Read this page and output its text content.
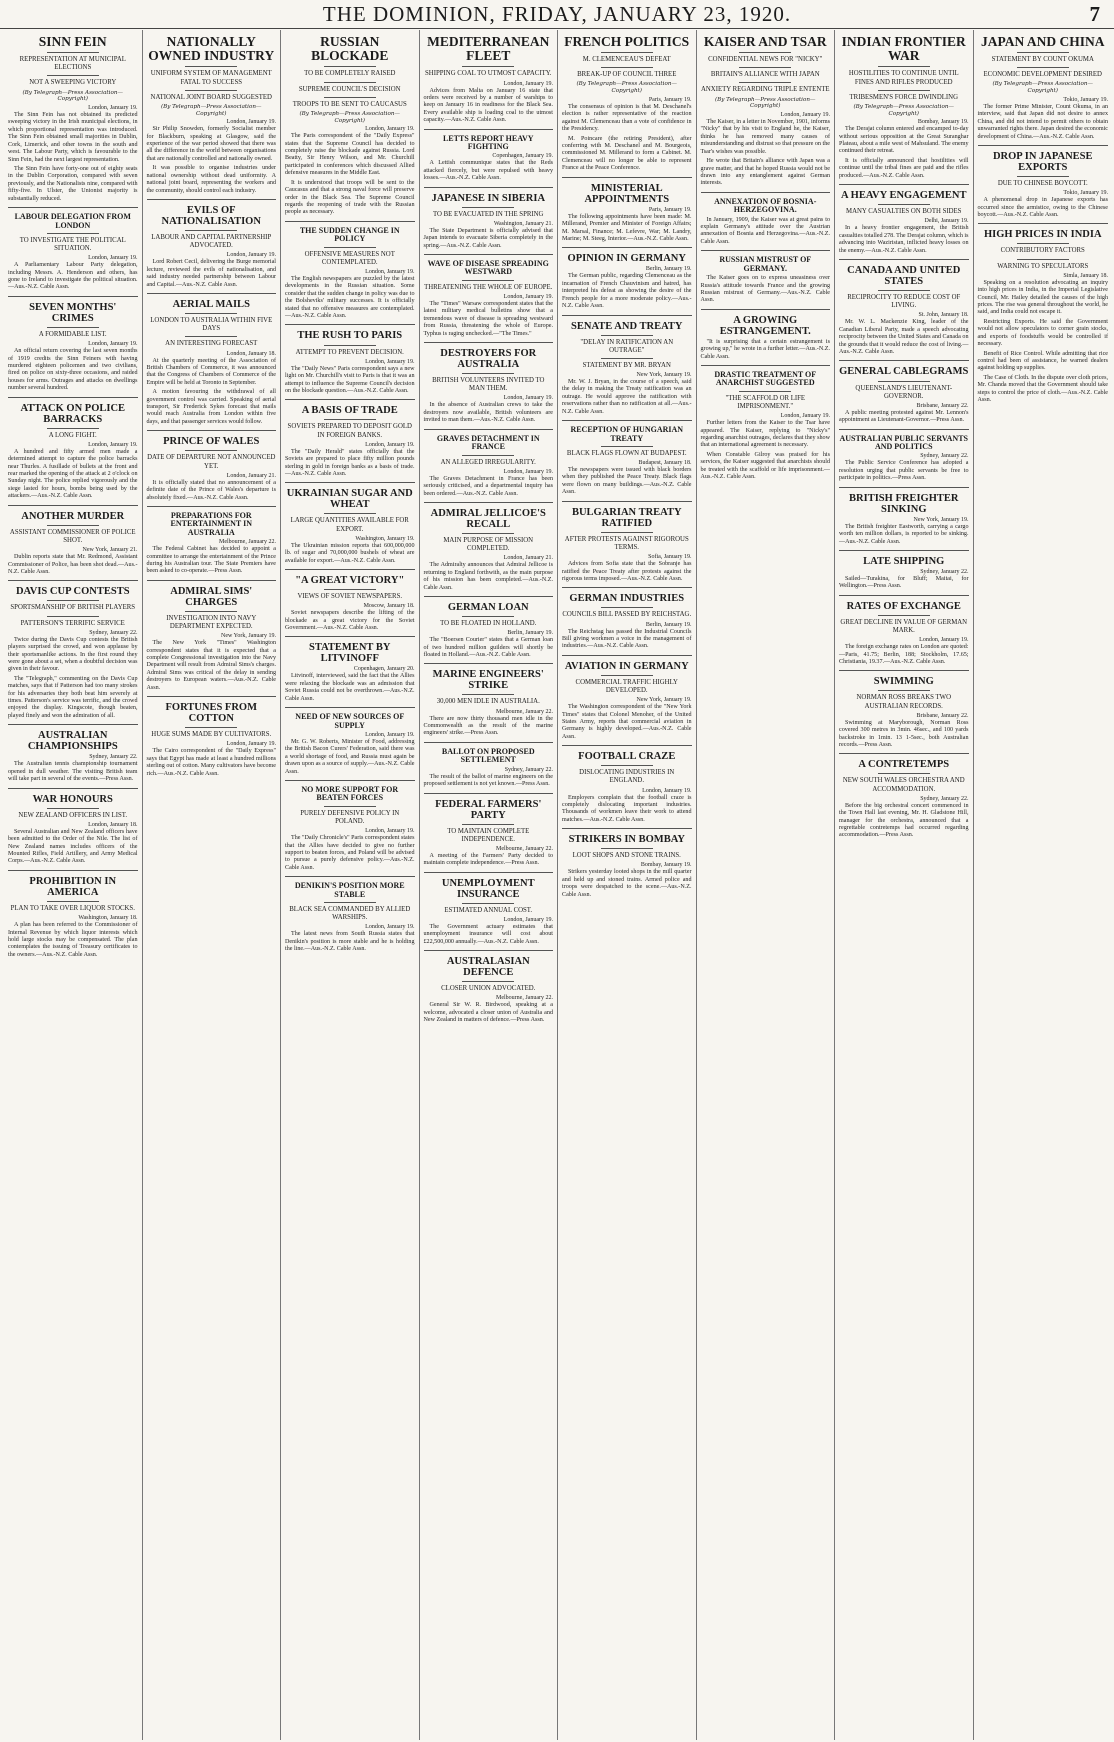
THE DOMINION, FRIDAY, JANUARY 23, 1920.	7
SINN FEIN
REPRESENTATION AT MUNICIPAL ELECTIONS
NOT A SWEEPING VICTORY
(By Telegraph—Press Association—Copyright)
London, January 19.

The Sinn Fein has not obtained its predicted sweeping victory in the Irish municipal elections, in which proportional representation was introduced. The Sinn Fein obtained small majorities in Dublin, Cork, Limerick, and other towns in the south and west. The Labour Party, which is favourable to the Sinn Fein, had the next largest representation.

The Sinn Fein have forty-one out of eighty seats in the Dublin Corporation, compared with seven previously, and the Nationalists nine, compared with fifty-five. In Ulster, the Unionist majority is substantially reduced.

LABOUR DELEGATION FROM LONDON
TO INVESTIGATE THE POLITICAL SITUATION.
London, January 19.

A Parliamentary Labour Party delegation, including Messrs. A. Henderson and others, has gone to Ireland to investigate the political situation.—Aus.-N.Z. Cable Assn.

SEVEN MONTHS' CRIMES
A FORMIDABLE LIST.
London, January 19.

An official return covering the last seven months of 1919 credits the Sinn Feiners with having murdered eighteen policemen and two civilians, fired on police on sixty-three occasions, and raided houses for arms. Outrages and attacks on dwellings number several hundred.

ATTACK ON POLICE BARRACKS
A LONG FIGHT.
London, January 19.

A hundred and fifty armed men made a determined attempt to capture the police barracks near Thurles. A fusillade of bullets at the front and rear marked the opening of the attack at 2 o'clock on Sunday night. The police replied vigorously and the siege lasted for hours, bombs being used by the attackers.—Aus.-N.Z. Cable Assn.

ANOTHER MURDER
ASSISTANT COMMISSIONER OF POLICE SHOT.
New York, January 21.

Dublin reports state that Mr. Redmond, Assistant Commissioner of Police, has been shot dead.—Aus.-N.Z. Cable Assn.

DAVIS CUP CONTESTS
SPORTSMANSHIP OF BRITISH PLAYERS
PATTERSON'S TERRIFIC SERVICE
Sydney, January 22.

Twice during the Davis Cup contests the British players surprised the crowd, and won applause by their sportsmanlike actions. In the first round they were gone about a set, when a doubtful decision was given in their favour.

The "Telegraph," commenting on the Davis Cup matches, says that if Patterson had too many strokes for his adversaries they both beat him severely at times. Patterson's service was terrific, and the crowd enjoyed the display. Kingscote, though beaten, played finely and won the admiration of all.

AUSTRALIAN CHAMPIONSHIPS
Sydney, January 22.

The Australian tennis championship tournament opened in dull weather. The visiting British team will take part in several of the events.—Press Assn.

WAR HONOURS
NEW ZEALAND OFFICERS IN LIST.
London, January 18.

Several Australian and New Zealand officers have been admitted to the Order of the Nile. The list of New Zealand names includes officers of the Mounted Rifles, Field Artillery, and Army Medical Corps.—Aus.-N.Z. Cable Assn.

PROHIBITION IN AMERICA
PLAN TO TAKE OVER LIQUOR STOCKS.
Washington, January 18.

A plan has been referred to the Commissioner of Internal Revenue by which liquor interests which hold large stocks may be compensated. The plan contemplates the issuing of Treasury certificates to the owners.—Aus.-N.Z. Cable Assn.

NATIONALLY OWNED INDUSTRY
UNIFORM SYSTEM OF MANAGEMENT FATAL TO SUCCESS
NATIONAL JOINT BOARD SUGGESTED
(By Telegraph—Press Association—Copyright)
London, January 19.

Sir Philip Snowden, formerly Socialist member for Blackburn, speaking at Glasgow, said the experience of the war period showed that there was all the difference in the world between organisations that are nationally controlled and nationally owned.

It was possible to organise industries under national ownership without dead uniformity. A national joint board, representing the workers and the community, should control each industry.

EVILS OF NATIONALISATION
LABOUR AND CAPITAL PARTNERSHIP ADVOCATED.
London, January 19.

Lord Robert Cecil, delivering the Burge memorial lecture, reviewed the evils of nationalisation, and said industry needed partnership between Labour and Capital.—Aus.-N.Z. Cable Assn.

AERIAL MAILS
LONDON TO AUSTRALIA WITHIN FIVE DAYS
AN INTERESTING FORECAST
London, January 18.

At the quarterly meeting of the Association of British Chambers of Commerce, it was announced that the Congress of Chambers of Commerce of the Empire will be held at Toronto in September.

A motion favouring the withdrawal of all government control was carried. Speaking of aerial transport, Sir Frederick Sykes forecast that mails would reach Australia from London within five days, and that passenger services would follow.

PRINCE OF WALES
DATE OF DEPARTURE NOT ANNOUNCED YET.
London, January 21.

It is officially stated that no announcement of a definite date of the Prince of Wales's departure is absolutely fixed.—Aus.-N.Z. Cable Assn.

PREPARATIONS FOR ENTERTAINMENT IN AUSTRALIA
Melbourne, January 22.

The Federal Cabinet has decided to appoint a committee to arrange the entertainment of the Prince during his Australian tour. The State Premiers have been asked to co-operate.—Press Assn.

ADMIRAL SIMS' CHARGES
INVESTIGATION INTO NAVY DEPARTMENT EXPECTED.
New York, January 19.

The New York "Times" Washington correspondent states that it is expected that a complete Congressional investigation into the Navy Department will result from Admiral Sims's charges. Admiral Sims was critical of the delay in sending destroyers to European waters.—Aus.-N.Z. Cable Assn.

FORTUNES FROM COTTON
HUGE SUMS MADE BY CULTIVATORS.
London, January 19.

The Cairo correspondent of the "Daily Express" says that Egypt has made at least a hundred millions sterling out of cotton. Many cultivators have become rich.—Aus.-N.Z. Cable Assn.

RUSSIAN BLOCKADE
TO BE COMPLETELY RAISED
SUPREME COUNCIL'S DECISION
TROOPS TO BE SENT TO CAUCASUS
(By Telegraph—Press Association—Copyright)
London, January 19.

The Paris correspondent of the "Daily Express" states that the Supreme Council has decided to completely raise the blockade against Russia. Lord Beatty, Sir Henry Wilson, and Mr. Churchill participated in conferences which discussed Allied defensive measures in the Middle East.

It is understood that troops will be sent to the Caucasus and that a strong naval force will preserve order in the Black Sea. The Supreme Council regards the reopening of trade with the Russian people as necessary.

THE SUDDEN CHANGE IN POLICY
OFFENSIVE MEASURES NOT CONTEMPLATED.
London, January 19.

The English newspapers are puzzled by the latest developments in the Russian situation. Some consider that the sudden change in policy was due to the Bolsheviks' military successes. It is officially stated that no offensive measures are contemplated.—Aus.-N.Z. Cable Assn.

THE RUSH TO PARIS
ATTEMPT TO PREVENT DECISION.
London, January 19.

The "Daily News" Paris correspondent says a new light on Mr. Churchill's visit to Paris is that it was an attempt to influence the Supreme Council's decision on the blockade question.—Aus.-N.Z. Cable Assn.

A BASIS OF TRADE
SOVIETS PREPARED TO DEPOSIT GOLD IN FOREIGN BANKS.
London, January 19.

The "Daily Herald" states officially that the Soviets are prepared to place fifty million pounds sterling in gold in foreign banks as a basis of trade.—Aus.-N.Z. Cable Assn.

UKRAINIAN SUGAR AND WHEAT
LARGE QUANTITIES AVAILABLE FOR EXPORT.
Washington, January 19.

The Ukrainian mission reports that 600,000,000 lb. of sugar and 70,000,000 bushels of wheat are available for export.—Aus.-N.Z. Cable Assn.

"A GREAT VICTORY"
VIEWS OF SOVIET NEWSPAPERS.
Moscow, January 18.

Soviet newspapers describe the lifting of the blockade as a great victory for the Soviet Government.—Aus.-N.Z. Cable Assn.

STATEMENT BY LITVINOFF
Copenhagen, January 20.

Litvinoff, interviewed, said the fact that the Allies were relaxing the blockade was an admission that Soviet Russia could not be overthrown.—Aus.-N.Z. Cable Assn.

NEED OF NEW SOURCES OF SUPPLY
London, January 19.

Mr. G. W. Roberts, Minister of Food, addressing the British Bacon Curers' Federation, said there was a world shortage of food, and Russia must again be drawn upon as a source of supply.—Aus.-N.Z. Cable Assn.

NO MORE SUPPORT FOR BEATEN FORCES
PURELY DEFENSIVE POLICY IN POLAND.
London, January 19.

The "Daily Chronicle's" Paris correspondent states that the Allies have decided to give no further support to beaten forces, and Poland will be advised to pursue a purely defensive policy.—Aus.-N.Z. Cable Assn.

DENIKIN'S POSITION MORE STABLE
BLACK SEA COMMANDED BY ALLIED WARSHIPS.
London, January 19.

The latest news from South Russia states that Denikin's position is more stable and he is holding the line.—Aus.-N.Z. Cable Assn.

MEDITERRANEAN FLEET
SHIPPING COAL TO UTMOST CAPACITY.
London, January 19.

Advices from Malta on January 16 state that orders were received by a number of warships to keep on January 16 in readiness for the Black Sea. Every available ship is loading coal to the utmost capacity.—Aus.-N.Z. Cable Assn.

LETTS REPORT HEAVY FIGHTING
Copenhagen, January 19.

A Lettish communique states that the Reds attacked fiercely, but were repulsed with heavy losses.—Aus.-N.Z. Cable Assn.

JAPANESE IN SIBERIA
TO BE EVACUATED IN THE SPRING
Washington, January 21.

The State Department is officially advised that Japan intends to evacuate Siberia completely in the spring.—Aus.-N.Z. Cable Assn.

WAVE OF DISEASE SPREADING WESTWARD
THREATENING THE WHOLE OF EUROPE.
London, January 19.

The "Times" Warsaw correspondent states that the latest military medical bulletins show that a tremendous wave of disease is spreading westward from Russia, threatening the whole of Europe. Typhus is raging unchecked.—"The Times."

DESTROYERS FOR AUSTRALIA
BRITISH VOLUNTEERS INVITED TO MAN THEM.
London, January 19.

In the absence of Australian crews to take the destroyers now available, British volunteers are invited to man them.—Aus.-N.Z. Cable Assn.

GRAVES DETACHMENT IN FRANCE
AN ALLEGED IRREGULARITY.
London, January 19.

The Graves Detachment in France has been seriously criticised, and a departmental inquiry has been ordered.—Aus.-N.Z. Cable Assn.

ADMIRAL JELLICOE'S RECALL
MAIN PURPOSE OF MISSION COMPLETED.
London, January 21.

The Admiralty announces that Admiral Jellicoe is returning to England forthwith, as the main purpose of his mission has been completed.—Aus.-N.Z. Cable Assn.

GERMAN LOAN
TO BE FLOATED IN HOLLAND.
Berlin, January 19.

The "Boersen Courier" states that a German loan of two hundred million guilders will shortly be floated in Holland.—Aus.-N.Z. Cable Assn.

MARINE ENGINEERS' STRIKE
30,000 MEN IDLE IN AUSTRALIA.
Melbourne, January 22.

There are now thirty thousand men idle in the Commonwealth as the result of the marine engineers' strike.—Press Assn.

BALLOT ON PROPOSED SETTLEMENT
Sydney, January 22.

The result of the ballot of marine engineers on the proposed settlement is not yet known.—Press Assn.

FEDERAL FARMERS' PARTY
TO MAINTAIN COMPLETE INDEPENDENCE.
Melbourne, January 22.

A meeting of the Farmers' Party decided to maintain complete independence.—Press Assn.

UNEMPLOYMENT INSURANCE
ESTIMATED ANNUAL COST.
London, January 19.

The Government actuary estimates that unemployment insurance will cost about £22,500,000 annually.—Aus.-N.Z. Cable Assn.

AUSTRALASIAN DEFENCE
CLOSER UNION ADVOCATED.
Melbourne, January 22.

General Sir W. R. Birdwood, speaking at a welcome, advocated a closer union of Australia and New Zealand in matters of defence.—Press Assn.

FRENCH POLITICS
M. CLEMENCEAU'S DEFEAT
BREAK-UP OF COUNCIL THREE
(By Telegraph—Press Association—Copyright)
Paris, January 19.

The consensus of opinion is that M. Deschanel's election is rather representative of the reaction against M. Clemenceau than a vote of confidence in the Presidency.

M. Poincare (the retiring President), after conferring with M. Deschanel and M. Bourgeois, commissioned M. Millerand to form a Cabinet. M. Clemenceau will no longer be able to represent France at the Peace Conference.

MINISTERIAL APPOINTMENTS
Paris, January 19.

The following appointments have been made: M. Millerand, Premier and Minister of Foreign Affairs; M. Marsal, Finance; M. Lefevre, War; M. Landry, Marine; M. Steeg, Interior.—Aus.-N.Z. Cable Assn.

OPINION IN GERMANY
Berlin, January 19.

The German public, regarding Clemenceau as the incarnation of French Chauvinism and hatred, has interpreted his defeat as showing the desire of the French people for a more moderate policy.—Aus.-N.Z. Cable Assn.

SENATE AND TREATY
"DELAY IN RATIFICATION AN OUTRAGE"
STATEMENT BY MR. BRYAN
New York, January 19.

Mr. W. J. Bryan, in the course of a speech, said the delay in making the Treaty ratification was an outrage. He would approve the ratification with reservations rather than no ratification at all.—Aus.-N.Z. Cable Assn.

RECEPTION OF HUNGARIAN TREATY
BLACK FLAGS FLOWN AT BUDAPEST.
Budapest, January 18.

The newspapers were issued with black borders when they published the Peace Treaty. Black flags were flown on many buildings.—Aus.-N.Z. Cable Assn.

BULGARIAN TREATY RATIFIED
AFTER PROTESTS AGAINST RIGOROUS TERMS.
Sofia, January 19.

Advices from Sofia state that the Sobranje has ratified the Peace Treaty after protests against the rigorous terms imposed.—Aus.-N.Z. Cable Assn.

GERMAN INDUSTRIES
COUNCILS BILL PASSED BY REICHSTAG.
Berlin, January 19.

The Reichstag has passed the Industrial Councils Bill giving workmen a voice in the management of industries.—Aus.-N.Z. Cable Assn.

AVIATION IN GERMANY
COMMERCIAL TRAFFIC HIGHLY DEVELOPED.
New York, January 19.

The Washington correspondent of the "New York Times" states that Colonel Menoher, of the United States Army, reports that commercial aviation in Germany is highly developed.—Aus.-N.Z. Cable Assn.

FOOTBALL CRAZE
DISLOCATING INDUSTRIES IN ENGLAND.
London, January 19.

Employers complain that the football craze is completely dislocating important industries. Thousands of workmen leave their work to attend matches.—Aus.-N.Z. Cable Assn.

STRIKERS IN BOMBAY
LOOT SHOPS AND STONE TRAINS.
Bombay, January 19.

Strikers yesterday looted shops in the mill quarter and held up and stoned trains. Armed police and troops were despatched to the scene.—Aus.-N.Z. Cable Assn.

KAISER AND TSAR
CONFIDENTIAL NEWS FOR "NICKY"
BRITAIN'S ALLIANCE WITH JAPAN
ANXIETY REGARDING TRIPLE ENTENTE
(By Telegraph—Press Association—Copyright)
London, January 19.

The Kaiser, in a letter in November, 1901, informs "Nicky" that by his visit to England he, the Kaiser, thinks he has removed many causes of misunderstanding and distrust so that pressure on the Tsar's wishes was possible.

He wrote that Britain's alliance with Japan was a grave matter, and that he hoped Russia would not be drawn into any entanglement against German interests.

ANNEXATION OF BOSNIA-HERZEGOVINA.

In January, 1909, the Kaiser was at great pains to explain Germany's attitude over the Austrian annexation of Bosnia and Herzegovina.—Aus.-N.Z. Cable Assn.

RUSSIAN MISTRUST OF GERMANY.

The Kaiser goes on to express uneasiness over Russia's attitude towards France and the growing Russian mistrust of Germany.—Aus.-N.Z. Cable Assn.

A GROWING ESTRANGEMENT.

"It is surprising that a certain estrangement is growing up," he wrote in a further letter.—Aus.-N.Z. Cable Assn.

DRASTIC TREATMENT OF ANARCHIST SUGGESTED
"THE SCAFFOLD OR LIFE IMPRISONMENT."
London, January 19.

Further letters from the Kaiser to the Tsar have appeared. The Kaiser, replying to "Nicky's" regarding anarchist outrages, declares that they show that an international agreement is necessary.

When Constable Gilroy was praised for his services, the Kaiser suggested that anarchists should be treated with the scaffold or life imprisonment.—Aus.-N.Z. Cable Assn.

INDIAN FRONTIER WAR
HOSTILITIES TO CONTINUE UNTIL FINES AND RIFLES PRODUCED
TRIBESMEN'S FORCE DWINDLING
(By Telegraph—Press Association—Copyright)
Bombay, January 19.

The Derajat column entered and encamped to-day without serious opposition at the Great Suranghar Plateau, about a mile west of Mahsuland. The enemy continued their retreat.

It is officially announced that hostilities will continue until the tribal fines are paid and the rifles produced.—Aus.-N.Z. Cable Assn.

A HEAVY ENGAGEMENT
MANY CASUALTIES ON BOTH SIDES
Delhi, January 19.

In a heavy frontier engagement, the British casualties totalled 278. The Derajat column, which is advancing into Waziristan, inflicted heavy losses on the enemy.—Aus.-N.Z. Cable Assn.

CANADA AND UNITED STATES
RECIPROCITY TO REDUCE COST OF LIVING.
St. John, January 18.

Mr. W. L. Mackenzie King, leader of the Canadian Liberal Party, made a speech advocating reciprocity between the United States and Canada on the grounds that it would reduce the cost of living.—Aus.-N.Z. Cable Assn.

GENERAL CABLEGRAMS
QUEENSLAND'S LIEUTENANT-GOVERNOR.
Brisbane, January 22.

A public meeting protested against Mr. Lennon's appointment as Lieutenant-Governor.—Press Assn.

AUSTRALIAN PUBLIC SERVANTS AND POLITICS
Sydney, January 22.

The Public Service Conference has adopted a resolution urging that public servants be free to participate in politics.—Press Assn.

BRITISH FREIGHTER SINKING
New York, January 19.

The British freighter Eastworth, carrying a cargo worth ten million dollars, is reported to be sinking.—Aus.-N.Z. Cable Assn.

LATE SHIPPING
Sydney, January 22.

Sailed—Turakina, for Bluff; Maitai, for Wellington.—Press Assn.

RATES OF EXCHANGE
GREAT DECLINE IN VALUE OF GERMAN MARK.
London, January 19.

The foreign exchange rates on London are quoted:—Paris, 41.75; Berlin, 188; Stockholm, 17.65; Christiania, 19.37.—Aus.-N.Z. Cable Assn.

SWIMMING
NORMAN ROSS BREAKS TWO AUSTRALIAN RECORDS.
Brisbane, January 22.

Swimming at Maryborough, Norman Ross covered 300 metres in 3min. 46sec., and 100 yards backstroke in 1min. 13 1-5sec., both Australian records.—Press Assn.

A CONTRETEMPS
NEW SOUTH WALES ORCHESTRA AND ACCOMMODATION.
Sydney, January 22.

Before the big orchestral concert commenced in the Town Hall last evening, Mr. H. Gladstone Hill, manager for the orchestra, announced that a regrettable contretemps had occurred regarding accommodation.—Press Assn.

JAPAN AND CHINA
STATEMENT BY COUNT OKUMA
ECONOMIC DEVELOPMENT DESIRED
(By Telegraph—Press Association—Copyright)
Tokio, January 19.

The former Prime Minister, Count Okuma, in an interview, said that Japan did not desire to annex China, and did not intend to permit others to obtain unwarranted rights there. Japan desired the economic development of China.—Aus.-N.Z. Cable Assn.

DROP IN JAPANESE EXPORTS
DUE TO CHINESE BOYCOTT.
Tokio, January 19.

A phenomenal drop in Japanese exports has occurred since the armistice, owing to the Chinese boycott.—Aus.-N.Z. Cable Assn.

HIGH PRICES IN INDIA
CONTRIBUTORY FACTORS
WARNING TO SPECULATORS
Simla, January 18.

Speaking on a resolution advocating an inquiry into high prices in India, in the Imperial Legislative Council, Mr. Hailey detailed the causes of the high prices. The rise was general throughout the world, he said, and India could not escape it.

Restricting Exports. He said the Government would not allow speculators to corner grain stocks, and exports of foodstuffs would be controlled if necessary.

Benefit of Rice Control. While admitting that rice control had been of assistance, he warned dealers against holding up supplies.

The Case of Cloth. In the dispute over cloth prices, Mr. Chanda moved that the Government should take steps to control the price of cloth.—Aus.-N.Z. Cable Assn.
